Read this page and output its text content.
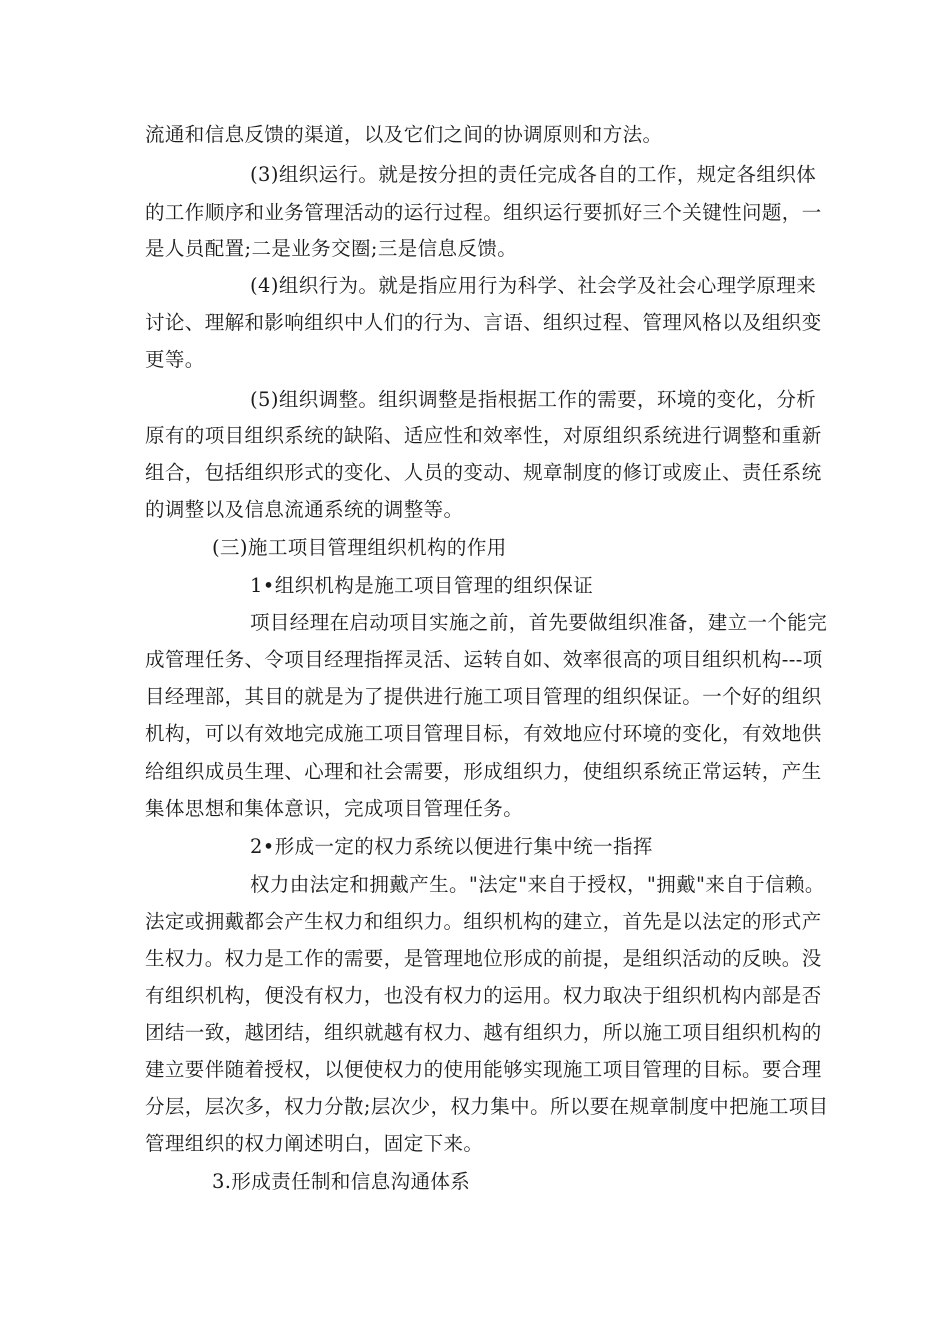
流通和信息反馈的渠道，以及它们之间的协调原则和方法。
(3)组织运行。就是按分担的责任完成各自的工作，规定各组织体
的工作顺序和业务管理活动的运行过程。组织运行要抓好三个关键性问题，一
是人员配置;二是业务交圈;三是信息反馈。
(4)组织行为。就是指应用行为科学、社会学及社会心理学原理来
讨论、理解和影响组织中人们的行为、言语、组织过程、管理风格以及组织变
更等。
(5)组织调整。组织调整是指根据工作的需要，环境的变化，分析
原有的项目组织系统的缺陷、适应性和效率性，对原组织系统进行调整和重新
组合，包括组织形式的变化、人员的变动、规章制度的修订或废止、责任系统
的调整以及信息流通系统的调整等。
(三)施工项目管理组织机构的作用
1•组织机构是施工项目管理的组织保证
项目经理在启动项目实施之前，首先要做组织准备，建立一个能完
成管理任务、令项目经理指挥灵活、运转自如、效率很高的项目组织机构---项
目经理部，其目的就是为了提供进行施工项目管理的组织保证。一个好的组织
机构，可以有效地完成施工项目管理目标，有效地应付环境的变化，有效地供
给组织成员生理、心理和社会需要，形成组织力，使组织系统正常运转，产生
集体思想和集体意识，完成项目管理任务。
2•形成一定的权力系统以便进行集中统一指挥
权力由法定和拥戴产生。"法定"来自于授权，"拥戴"来自于信赖。
法定或拥戴都会产生权力和组织力。组织机构的建立，首先是以法定的形式产
生权力。权力是工作的需要，是管理地位形成的前提，是组织活动的反映。没
有组织机构，便没有权力，也没有权力的运用。权力取决于组织机构内部是否
团结一致，越团结，组织就越有权力、越有组织力，所以施工项目组织机构的
建立要伴随着授权，以便使权力的使用能够实现施工项目管理的目标。要合理
分层，层次多，权力分散;层次少，权力集中。所以要在规章制度中把施工项目
管理组织的权力阐述明白，固定下来。
3.形成责任制和信息沟通体系
